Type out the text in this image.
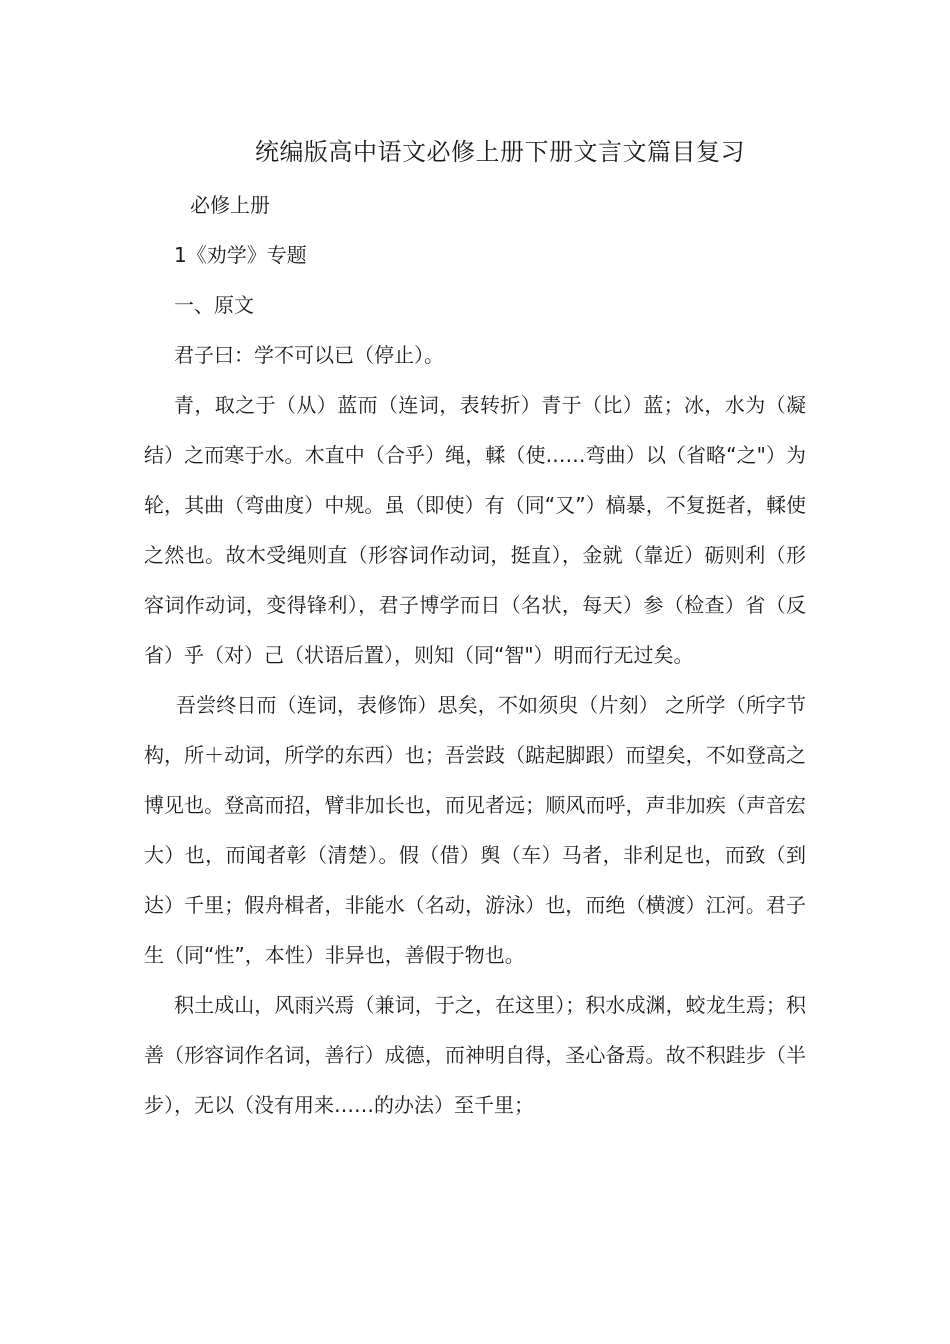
统编版高中语文必修上册下册文言文篇目复习

必修上册

1《劝学》专题

一、原文

君子曰：学不可以已（停止）。

青，取之于（从）蓝而（连词，表转折）青于（比）蓝；冰，水为（凝结）之而寒于水。木直中（合乎）绳，輮（使……弯曲）以（省略“之"）为轮，其曲（弯曲度）中规。虽（即使）有（同“又”）槁暴，不复挺者，輮使之然也。故木受绳则直（形容词作动词，挺直），金就（靠近）砺则利（形容词作动词，变得锋利），君子博学而日（名状，每天）参（检查）省（反省）乎（对）己（状语后置），则知（同“智"）明而行无过矣。

吾尝终日而（连词，表修饰）思矣，不如须臾（片刻） 之所学（所字节构，所＋动词，所学的东西）也；吾尝跂（踮起脚跟）而望矣，不如登高之博见也。登高而招，臂非加长也，而见者远；顺风而呼，声非加疾（声音宏大）也，而闻者彰（清楚）。假（借）舆（车）马者，非利足也，而致（到达）千里；假舟楫者，非能水（名动，游泳）也，而绝（横渡）江河。君子生（同“性”，本性）非异也，善假于物也。

积土成山，风雨兴焉（兼词，于之，在这里）；积水成渊，蛟龙生焉；积善（形容词作名词，善行）成德，而神明自得，圣心备焉。故不积跬步（半步），无以（没有用来……的办法）至千里；
